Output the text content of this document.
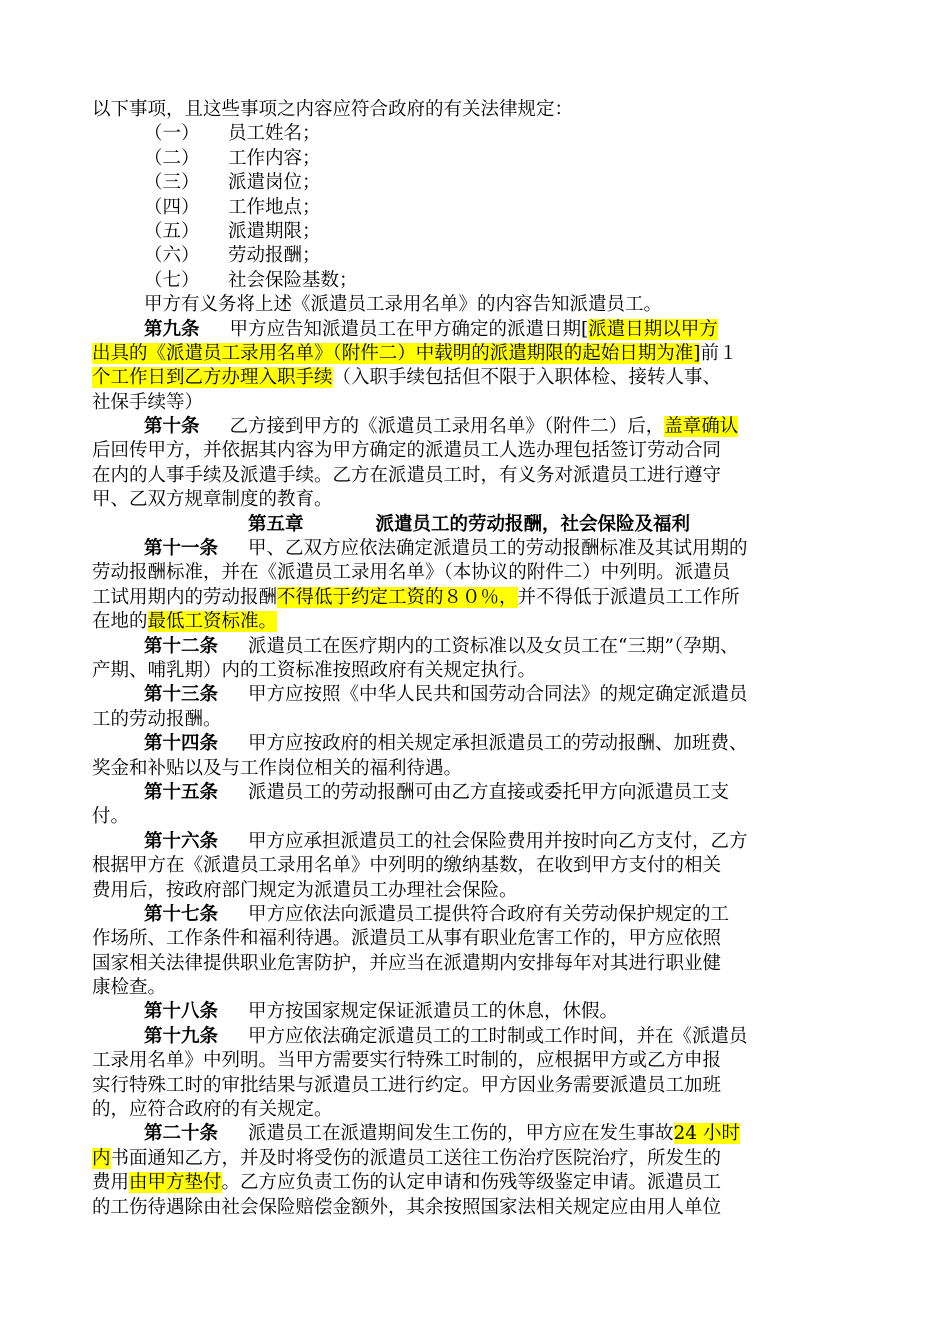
以下事项，且这些事项之内容应符合政府的有关法律规定：
（一） 员工姓名；
（二） 工作内容；
（三） 派遣岗位；
（四） 工作地点；
（五） 派遣期限；
（六） 劳动报酬；
（七） 社会保险基数；
甲方有义务将上述《派遣员工录用名单》的内容告知派遣员工。
第九条 甲方应告知派遣员工在甲方确定的派遣日期[派遣日期以甲方
出具的《派遣员工录用名单》（附件二）中载明的派遣期限的起始日期为准]前１
个工作日到乙方办理入职手续（入职手续包括但不限于入职体检、接转人事、
社保手续等）
第十条 乙方接到甲方的《派遣员工录用名单》（附件二）后，盖章确认
后回传甲方，并依据其内容为甲方确定的派遣员工人选办理包括签订劳动合同
在内的人事手续及派遣手续。乙方在派遣员工时，有义务对派遣员工进行遵守
甲、乙双方规章制度的教育。
第五章	派遣员工的劳动报酬，社会保险及福利
第十一条 甲、乙双方应依法确定派遣员工的劳动报酬标准及其试用期的
劳动报酬标准，并在《派遣员工录用名单》（本协议的附件二）中列明。派遣员
工试用期内的劳动报酬不得低于约定工资的８０％，并不得低于派遣员工工作所
在地的最低工资标准。
第十二条 派遣员工在医疗期内的工资标准以及女员工在“三期”（孕期、
产期、哺乳期）内的工资标准按照政府有关规定执行。
第十三条 甲方应按照《中华人民共和国劳动合同法》的规定确定派遣员
工的劳动报酬。
第十四条 甲方应按政府的相关规定承担派遣员工的劳动报酬、加班费、
奖金和补贴以及与工作岗位相关的福利待遇。
第十五条 派遣员工的劳动报酬可由乙方直接或委托甲方向派遣员工支
付。
第十六条 甲方应承担派遣员工的社会保险费用并按时向乙方支付，乙方
根据甲方在《派遣员工录用名单》中列明的缴纳基数，在收到甲方支付的相关
费用后，按政府部门规定为派遣员工办理社会保险。
第十七条 甲方应依法向派遣员工提供符合政府有关劳动保护规定的工
作场所、工作条件和福利待遇。派遣员工从事有职业危害工作的，甲方应依照
国家相关法律提供职业危害防护，并应当在派遣期内安排每年对其进行职业健
康检查。
第十八条 甲方按国家规定保证派遣员工的休息，休假。
第十九条 甲方应依法确定派遣员工的工时制或工作时间，并在《派遣员
工录用名单》中列明。当甲方需要实行特殊工时制的，应根据甲方或乙方申报
实行特殊工时的审批结果与派遣员工进行约定。甲方因业务需要派遣员工加班
的，应符合政府的有关规定。
第二十条 派遣员工在派遣期间发生工伤的，甲方应在发生事故24 小时
内书面通知乙方，并及时将受伤的派遣员工送往工伤治疗医院治疗，所发生的
费用由甲方垫付。乙方应负责工伤的认定申请和伤残等级鉴定申请。派遣员工
的工伤待遇除由社会保险赔偿金额外，其余按照国家法相关规定应由用人单位
